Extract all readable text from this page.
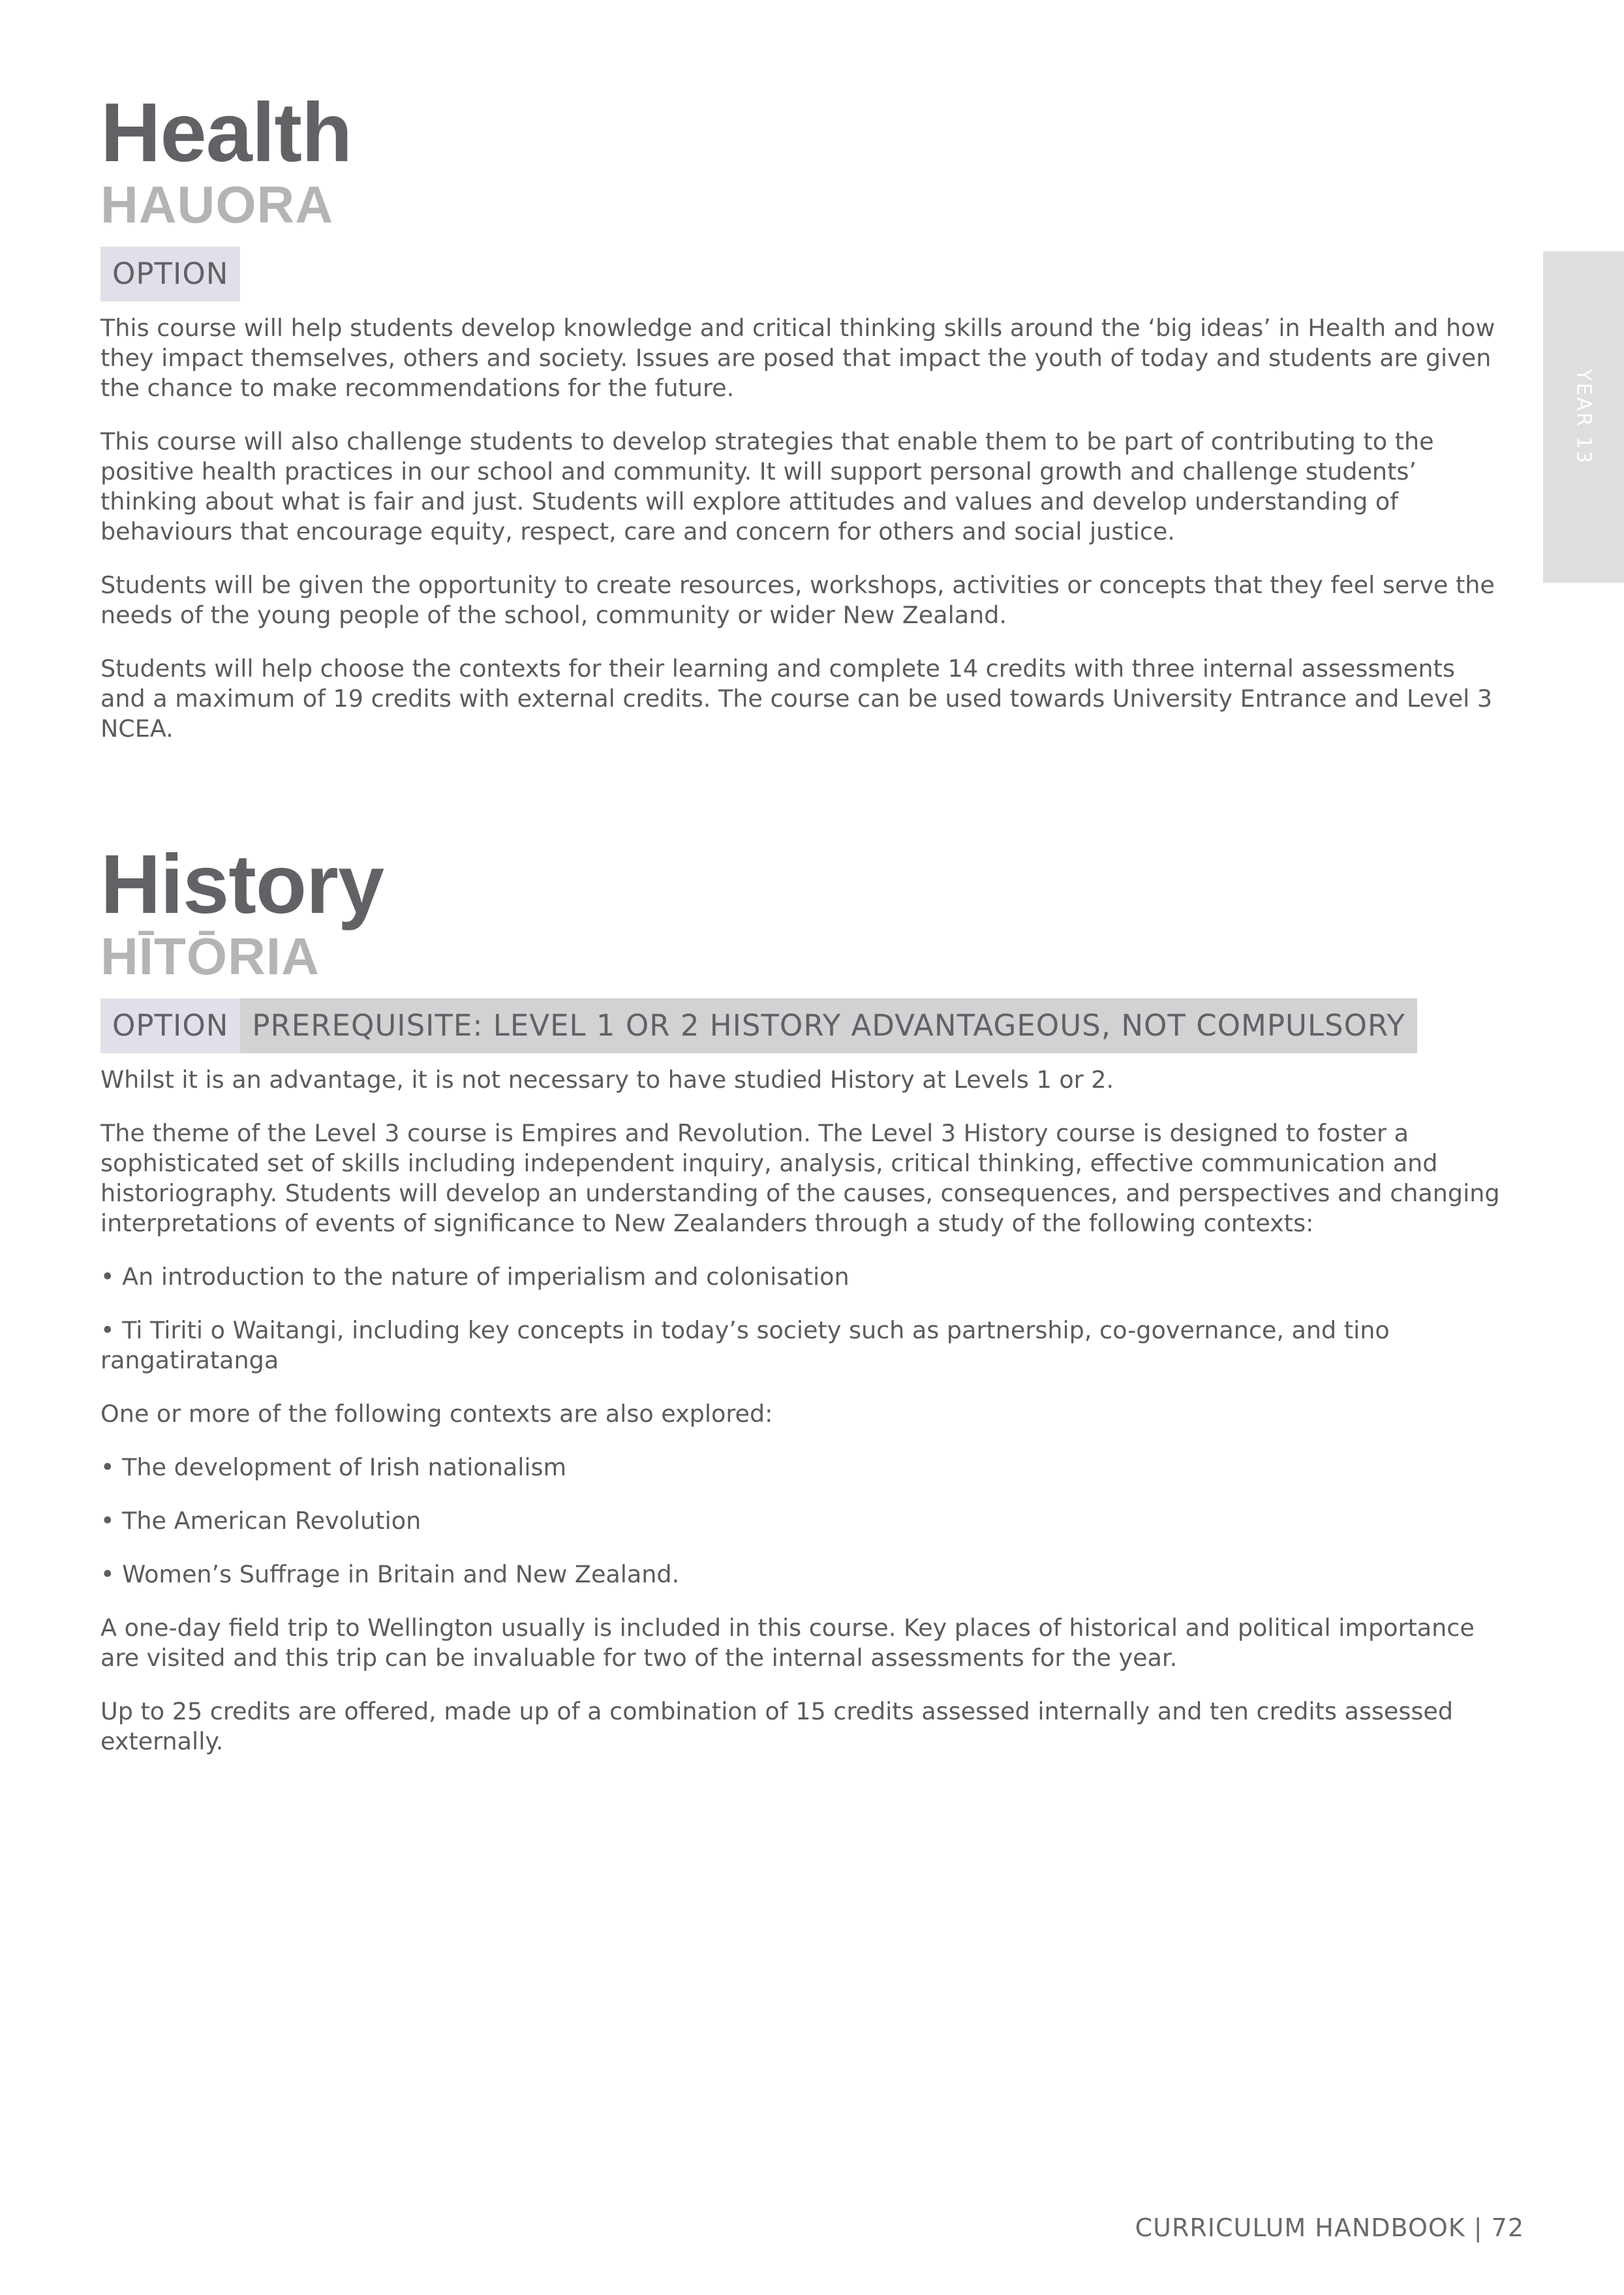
YEAR 13
Health
HAUORA
OPTION

This course will help students develop knowledge and critical thinking skills around the ‘big ideas’ in Health and how they impact themselves, others and society. Issues are posed that impact the youth of today and students are given the chance to make recommendations for the future.

This course will also challenge students to develop strategies that enable them to be part of contributing to the positive health practices in our school and community. It will support personal growth and challenge students’ thinking about what is fair and just. Students will explore attitudes and values and develop understanding of behaviours that encourage equity, respect, care and concern for others and social justice.

Students will be given the opportunity to create resources, workshops, activities or concepts that they feel serve the needs of the young people of the school, community or wider New Zealand.

Students will help choose the contexts for their learning and complete 14 credits with three internal assessments and a maximum of 19 credits with external credits. The course can be used towards University Entrance and Level 3 NCEA.

History
HĪTŌRIA
OPTION PREREQUISITE: LEVEL 1 OR 2 HISTORY ADVANTAGEOUS, NOT COMPULSORY

Whilst it is an advantage, it is not necessary to have studied History at Levels 1 or 2.

The theme of the Level 3 course is Empires and Revolution. The Level 3 History course is designed to foster a sophisticated set of skills including independent inquiry, analysis, critical thinking, effective communication and historiography. Students will develop an understanding of the causes, consequences, and perspectives and changing interpretations of events of significance to New Zealanders through a study of the following contexts:

• An introduction to the nature of imperialism and colonisation

• Ti Tiriti o Waitangi, including key concepts in today’s society such as partnership, co-governance, and tino rangatiratanga

One or more of the following contexts are also explored:

• The development of Irish nationalism

• The American Revolution

• Women’s Suffrage in Britain and New Zealand.

A one-day field trip to Wellington usually is included in this course. Key places of historical and political importance are visited and this trip can be invaluable for two of the internal assessments for the year.

Up to 25 credits are offered, made up of a combination of 15 credits assessed internally and ten credits assessed externally.

CURRICULUM HANDBOOK | 72
